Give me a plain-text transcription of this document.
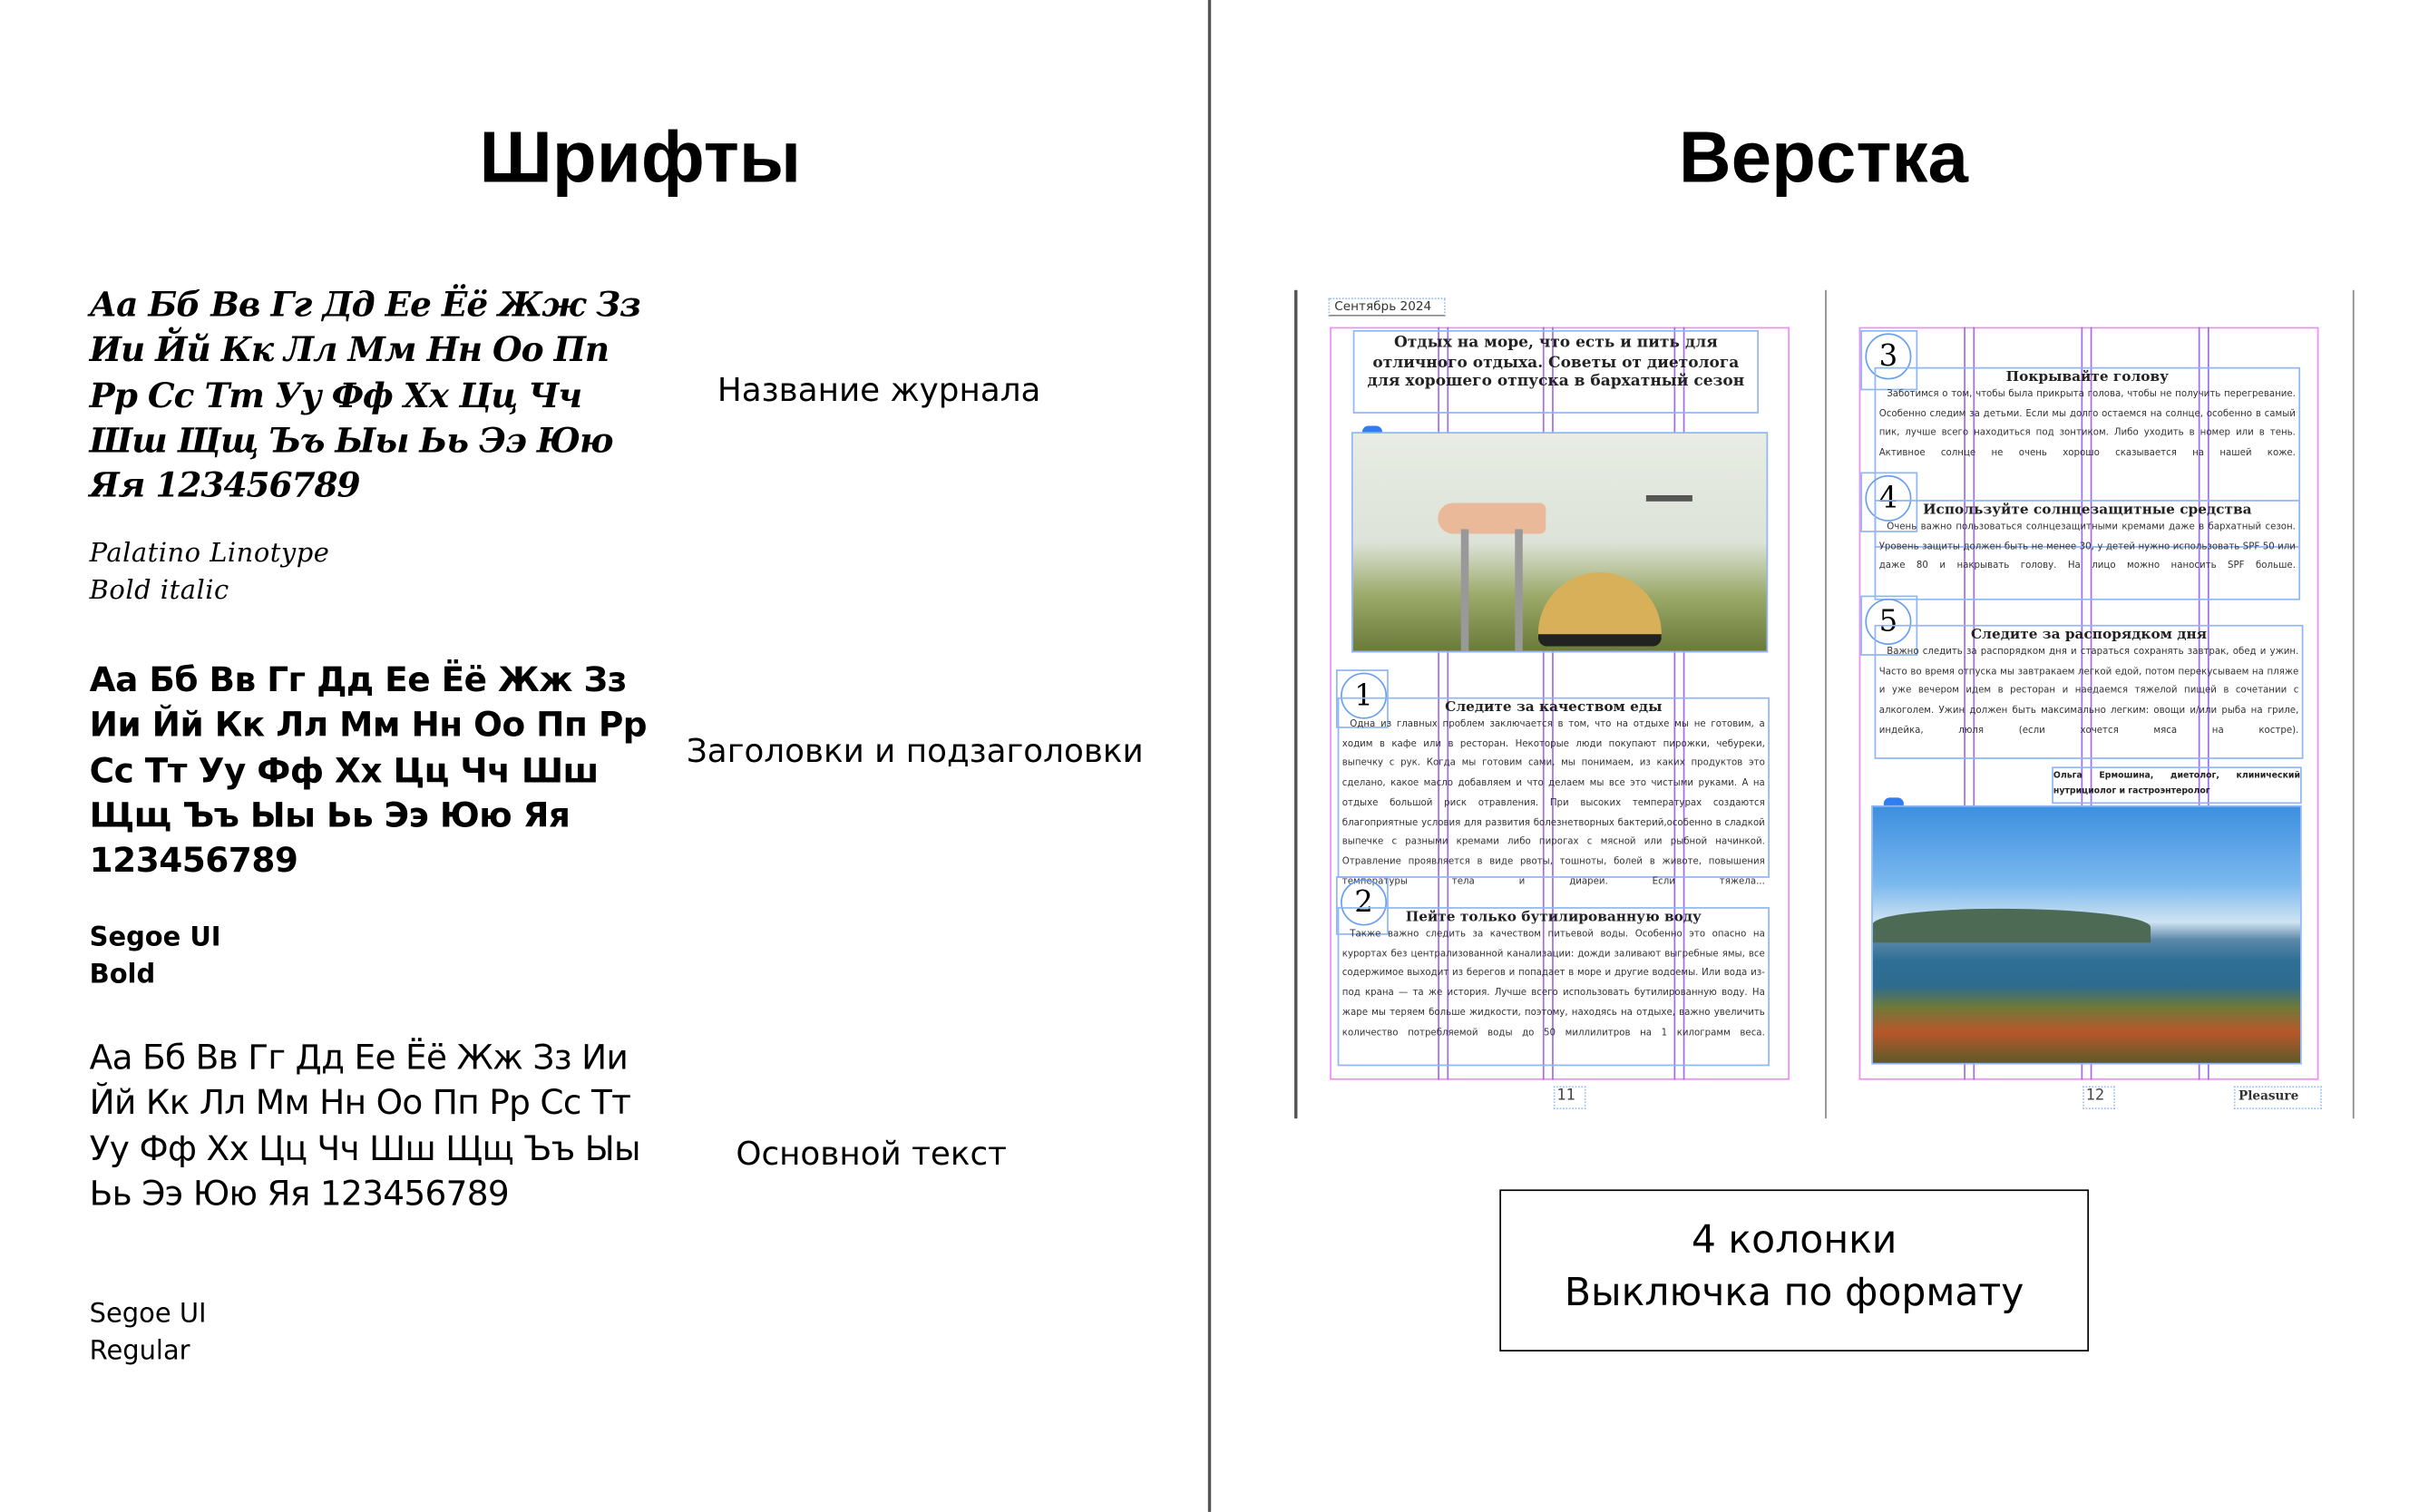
Шрифты
Аа Бб Вв Гг Дд Ее Ёё Жж Зз Ии Йй Кк Лл Мм Нн Оо Пп Рр Сс Тт Уу Фф Хх Цц Чч Шш Щщ Ъъ Ыы Ьь Ээ Юю Яя 123456789
Palatino Linotype
Bold italic
Название журнала
Аа Бб Вв Гг Дд Ее Ёё Жж Зз Ии Йй Кк Лл Мм Нн Оо Пп Рр Сс Тт Уу Фф Хх Цц Чч Шш Щщ Ъъ Ыы Ьь Ээ Юю Яя 123456789
Segoe UI
Bold
Заголовки и подзаголовки
Аа Бб Вв Гг Дд Ее Ёё Жж Зз Ии Йй Кк Лл Мм Нн Оо Пп Рр Сс Тт Уу Фф Хх Цц Чч Шш Щщ Ъъ Ыы Ьь Ээ Юю Яя 123456789
Segoe UI
Regular
Основной текст
Верстка
Сентябрь 2024
Отдых на море, что есть и пить для отличного отдыха. Советы от диетолога для хорошего отпуска в бархатный сезон
1	Следите за качеством еды
Одна из главных проблем заключается в том, что на отдыхе мы не готовим, а ходим в кафе или в ресторан. Некоторые люди покупают пирожки, чебуреки, выпечку с рук. Когда мы готовим сами, мы понимаем, из каких продуктов это сделано, какое масло добавляем и что делаем мы все это чистыми руками. А на отдыхе большой риск отравления. При высоких температурах создаются благоприятные условия для развития болезнетворных бактерий,особенно в сладкой выпечке с разными кремами либо пирогах с мясной или рыбной начинкой. Отравление проявляется в виде рвоты, тошноты, болей в животе, повышения температуры тела и диареи. Если тяжела...
2	Пейте только бутилированную воду
Также важно следить за качеством питьевой воды. Особенно это опасно на курортах без централизованной канализации: дожди заливают выгребные ямы, все содержимое выходит из берегов и попадает в море и другие водоемы. Или вода из-под крана — та же история. Лучше всего использовать бутилированную воду. На жаре мы теряем больше жидкости, поэтому, находясь на отдыхе, важно увеличить количество потребляемой воды до 50 миллилитров на 1 килограмм веса.
11
3
Покрывайте голову
Заботимся о том, чтобы была прикрыта голова, чтобы не получить перегревание. Особенно следим за детьми. Если мы долго остаемся на солнце, особенно в самый пик, лучше всего находиться под зонтиком. Либо уходить в номер или в тень. Активное солнце не очень хорошо сказывается на нашей коже.
4	Используйте солнцезащитные средства
Очень важно пользоваться солнцезащитными кремами даже в бархатный сезон. Уровень защиты должен быть не менее 30, у детей нужно использовать SPF 50 или даже 80 и накрывать голову. На лицо можно наносить SPF больше.
5	Следите за распорядком дня
Важно следить за распорядком дня и стараться сохранять завтрак, обед и ужин. Часто во время отпуска мы завтракаем легкой едой, потом перекусываем на пляже и уже вечером идем в ресторан и наедаемся тяжелой пищей в сочетании с алкоголем. Ужин должен быть максимально легким: овощи и/или рыба на гриле, индейка, люля (если хочется мяса на костре).
Ольга Ермошина, диетолог, клинический нутрициолог и гастроэнтеролог
12	Pleasure
4 колонки
Выключка по формату
